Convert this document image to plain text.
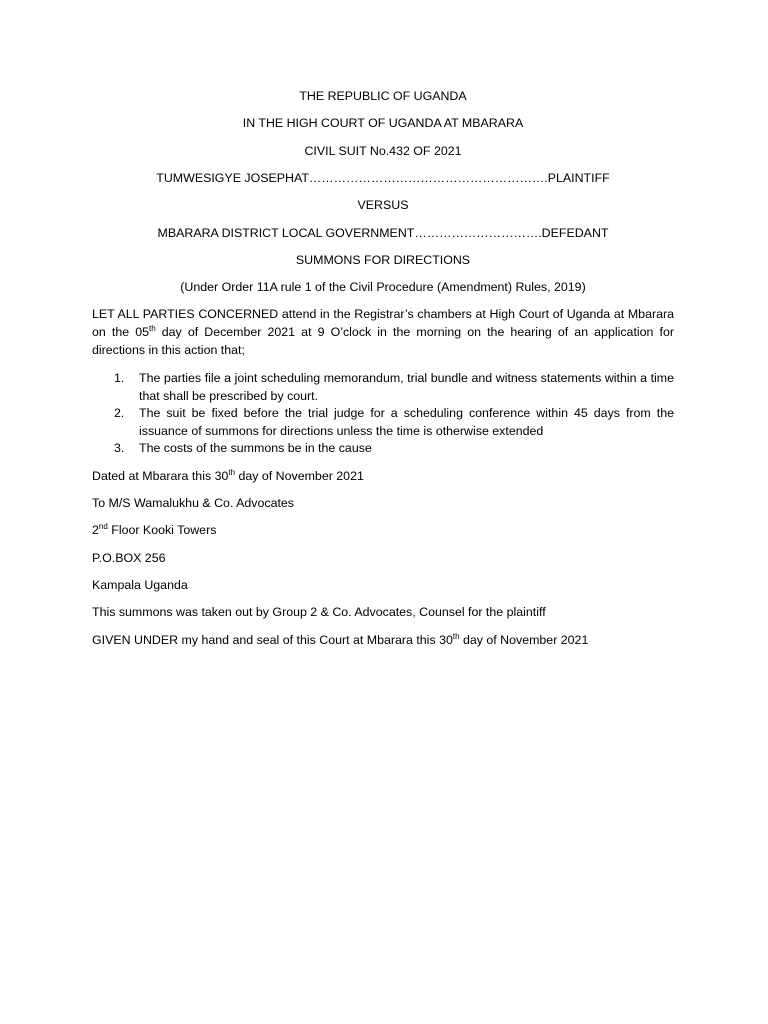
THE REPUBLIC OF UGANDA
IN THE HIGH COURT OF UGANDA AT MBARARA
CIVIL SUIT No.432 OF 2021
TUMWESIGYE JOSEPHAT………………………………………………….PLAINTIFF
VERSUS
MBARARA DISTRICT LOCAL GOVERNMENT………………………….DEFEDANT
SUMMONS FOR DIRECTIONS
(Under Order 11A rule 1 of the Civil Procedure (Amendment) Rules, 2019)
LET ALL PARTIES CONCERNED attend in the Registrar’s chambers at High Court of Uganda at Mbarara on the 05th day of December 2021 at 9 O’clock in the morning on the hearing of an application for directions in this action that;
1.	The parties file a joint scheduling memorandum, trial bundle and witness statements within a time that shall be prescribed by court.
2.	The suit be fixed before the trial judge for a scheduling conference within 45 days from the issuance of summons for directions unless the time is otherwise extended
3.	The costs of the summons be in the cause
Dated at Mbarara this 30th day of November 2021
To M/S Wamalukhu & Co. Advocates
2nd Floor Kooki Towers
P.O.BOX 256
Kampala Uganda
This summons was taken out by Group 2 & Co. Advocates, Counsel for the plaintiff
GIVEN UNDER my hand and seal of this Court at Mbarara this 30th day of November 2021
